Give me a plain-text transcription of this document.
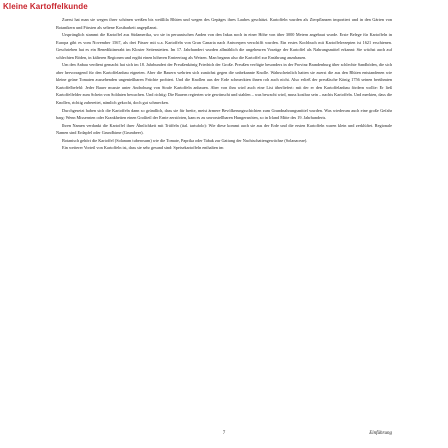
Kleine Kartoffelkunde

Zuerst hat man sie wegen ihrer schönen weißen bis weißlila Blüten und wegen des Gepäges ihres Laubes geschätzt. Kartoffeln wurden als Zierpflanzen importiert und in den Gärten von Botanikern und Fürsten als seltene Kostbarkeit angepflanzt.

Ursprünglich stammt die Kartoffel aus Südamerika, wo sie in peruanischen Anden von den Inkas noch in einer Höhe von über 3000 Metern angebaut wurde. Erste Belege für Kartoffeln in Europa gibt es vom November 1567, als drei Fässer mit u.a. Kartoffeln von Gran Canaria nach Antwerpen verschifft wurden. Ein erstes Kochbuch mit Kartoffelrezepten ist 1621 erschienen. Geschrieben hat es ein Benediktinerabt im Kloster Seitenstetten. Im 17. Jahrhundert wurden allmählich die ungeheuren Vorzüge der Kartoffel als Nahrungsmittel erkannt: Sie wächst auch auf schlechten Böden, in kälteren Regionen und ergibt einen höheren Ernteertrag als Weizen. Man begann also die Kartoffel zur Ernährung anzubauen.

Um den Anbau verdient gemacht hat sich im 18. Jahrhundert der Preußenkönig Friedrich der Große. Preußen verfügte besonders in der Provinz Brandenburg über schlechte Sandböden, die sich aber hervorragend für den Kartoffelanbau eigneten. Aber die Bauern wehrten sich zunächst gegen die unbekannte Knolle. Wahrscheinlich hatten sie zuerst die aus den Blüten entstandenen wie kleine grüne Tomaten aussehenden ungenießbaren Früchte probiert. Und die Knollen aus der Erde schmeckten ihnen roh auch nicht. Also erließ der preußische König 1756 seinen berühmten Kartoffelbefehl: Jeder Bauer musste unter Androhung von Strafe Kartoffeln anbauen. Aber von ihm wird auch eine List überliefert: mit der er den Kartoffelanbau fördern wollte: Er ließ Kartoffelfelder zum Schein von Soldaten bewachen. Und richtig: Die Bauern regierten wie gewünscht und stahlen – was bewacht wird, muss kostbar sein – nachts Kartoffeln. Und merkten, dass die Knollen, richtig zubereitet, nämlich gekocht, doch gut schmecken.

Durchgesetzt haben sich die Kartoffeln dann so gründlich, dass sie für breite, meist ärmere Bevölkerungsschichten zum Grundnahrungsmittel wurden. Was wiederum auch eine große Gefahr barg: Wenn Missernten oder Krankheiten einen Großteil der Ernte zerstörten, kam es zu unvorstellbaren Hungersnöten, so in Irland Mitte des 19. Jahrhunderts.

Ihren Namen verdankt die Kartoffel ihrer Ähnlichkeit mit Trüffeln (ital. tartufolo): Wie diese kommt auch sie aus der Erde und die ersten Kartoffeln waren klein und zerklüftet. Regionale Namen sind Erdapfel oder Grundbirne (Grumbeer).

Botanisch gehört die Kartoffel (Solanum tuberosum) wie die Tomate, Paprika oder Tabak zur Gattung der Nachtschattengewächse (Solanaceae).

Ein weiterer Vorteil von Kartoffeln ist, dass sie sehr gesund sind: Speisekartoffeln enthalten im

7	Einführung
